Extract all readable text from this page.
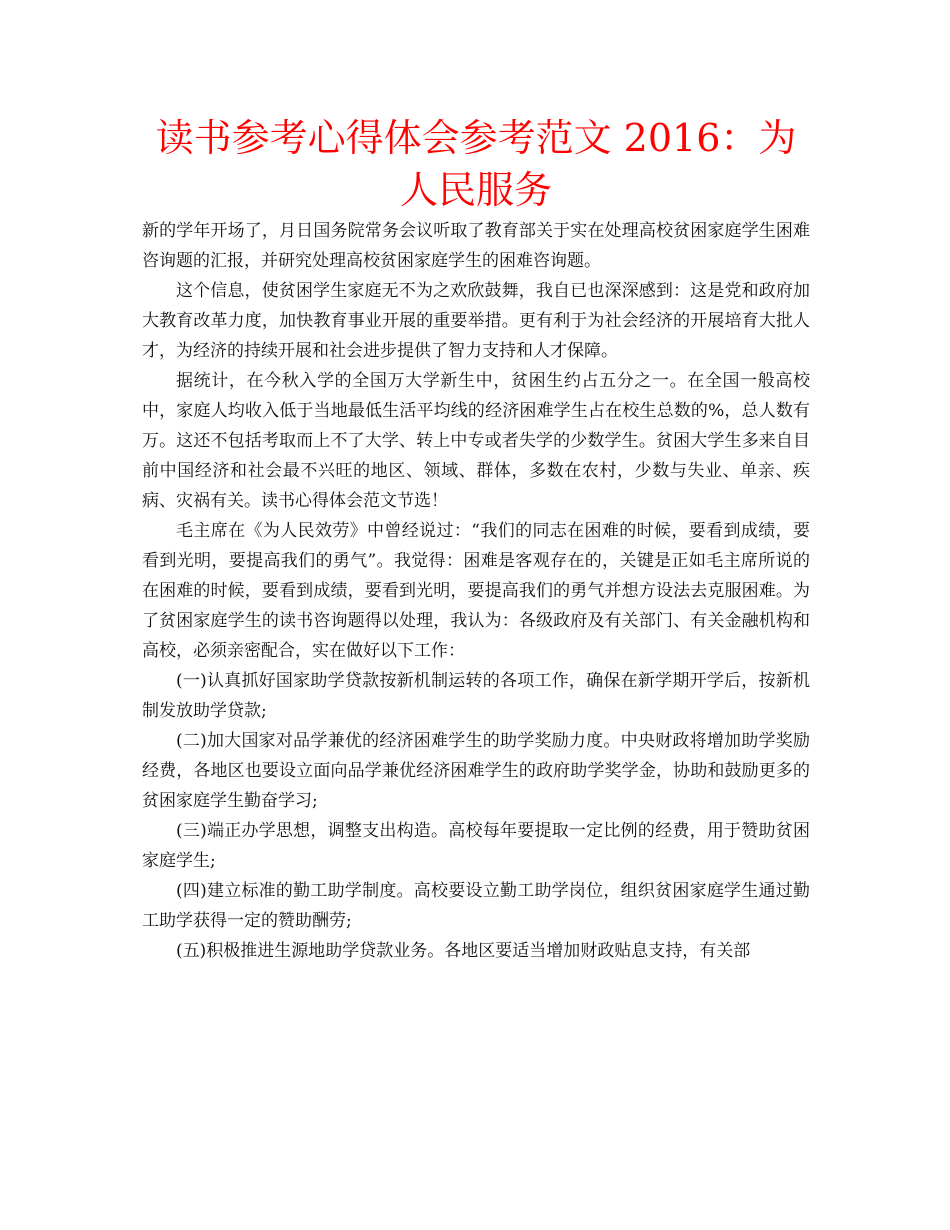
读书参考心得体会参考范文 2016：为人民服务

新的学年开场了，月日国务院常务会议听取了教育部关于实在处理高校贫困家庭学生困难咨询题的汇报，并研究处理高校贫困家庭学生的困难咨询题。

这个信息，使贫困学生家庭无不为之欢欣鼓舞，我自已也深深感到：这是党和政府加大教育改革力度，加快教育事业开展的重要举措。更有利于为社会经济的开展培育大批人才，为经济的持续开展和社会进步提供了智力支持和人才保障。

据统计，在今秋入学的全国万大学新生中，贫困生约占五分之一。在全国一般高校中，家庭人均收入低于当地最低生活平均线的经济困难学生占在校生总数的%，总人数有万。这还不包括考取而上不了大学、转上中专或者失学的少数学生。贫困大学生多来自目前中国经济和社会最不兴旺的地区、领域、群体，多数在农村，少数与失业、单亲、疾病、灾祸有关。读书心得体会范文节选！

毛主席在《为人民效劳》中曾经说过：“我们的同志在困难的时候，要看到成绩，要看到光明，要提高我们的勇气”。我觉得：困难是客观存在的，关键是正如毛主席所说的在困难的时候，要看到成绩，要看到光明，要提高我们的勇气并想方设法去克服困难。为了贫困家庭学生的读书咨询题得以处理，我认为：各级政府及有关部门、有关金融机构和高校，必须亲密配合，实在做好以下工作：

(一)认真抓好国家助学贷款按新机制运转的各项工作，确保在新学期开学后，按新机制发放助学贷款;

(二)加大国家对品学兼优的经济困难学生的助学奖励力度。中央财政将增加助学奖励经费，各地区也要设立面向品学兼优经济困难学生的政府助学奖学金，协助和鼓励更多的贫困家庭学生勤奋学习;

(三)端正办学思想，调整支出构造。高校每年要提取一定比例的经费，用于赞助贫困家庭学生;

(四)建立标准的勤工助学制度。高校要设立勤工助学岗位，组织贫困家庭学生通过勤工助学获得一定的赞助酬劳;

(五)积极推进生源地助学贷款业务。各地区要适当增加财政贴息支持，有关部
